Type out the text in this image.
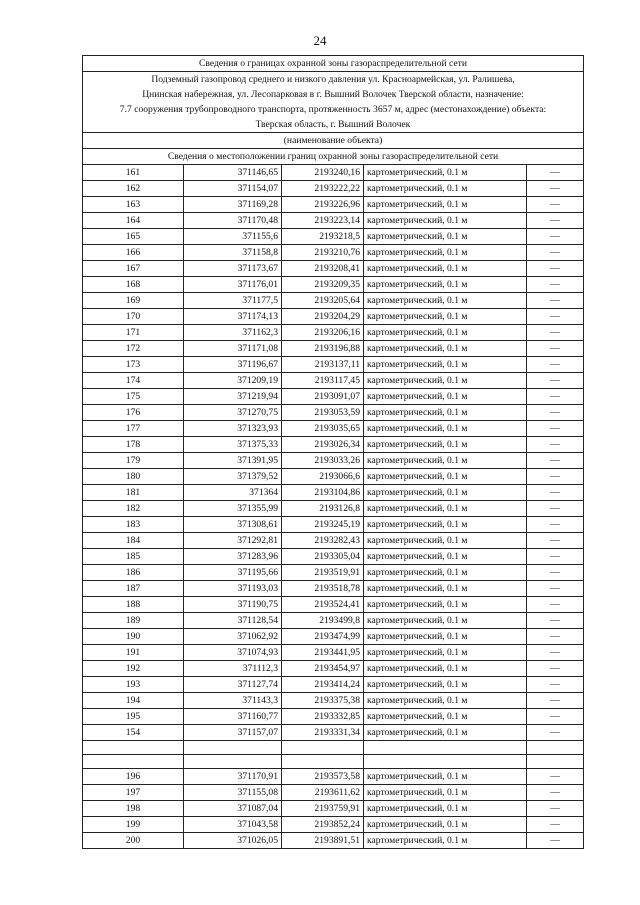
24
Сведения о границах охранной зоны газораспределительной сети				

Подземный газопровод среднего и низкого давления ул. Красноармейская, ул. Ралишева,
Цнинская набережная, ул. Лесопарковая в г. Вышний Волочек Тверской области, назначение:
7.7 сооружения трубопроводного транспорта, протяженность 3657 м, адрес (местонахождение) объекта:
Тверская область, г. Вышний Волочек				

(наименование объекта)				
Сведения о местоположении границ охранной зоны газораспределительной сети				
161	371146,65	2193240,16	картометрический, 0.1 м	—
162	371154,07	2193222,22	картометрический, 0.1 м	—
163	371169,28	2193226,96	картометрический, 0.1 м	—
164	371170,48	2193223,14	картометрический, 0.1 м	—
165	371155,6	2193218,5	картометрический, 0.1 м	—
166	371158,8	2193210,76	картометрический, 0.1 м	—
167	371173,67	2193208,41	картометрический, 0.1 м	—
168	371176,01	2193209,35	картометрический, 0.1 м	—
169	371177,5	2193205,64	картометрический, 0.1 м	—
170	371174,13	2193204,29	картометрический, 0.1 м	—
171	371162,3	2193206,16	картометрический, 0.1 м	—
172	371171,08	2193196,88	картометрический, 0.1 м	—
173	371196,67	2193137,11	картометрический, 0.1 м	—
174	371209,19	2193117,45	картометрический, 0.1 м	—
175	371219,94	2193091,07	картометрический, 0.1 м	—
176	371270,75	2193053,59	картометрический, 0.1 м	—
177	371323,93	2193035,65	картометрический, 0.1 м	—
178	371375,33	2193026,34	картометрический, 0.1 м	—
179	371391,95	2193033,26	картометрический, 0.1 м	—
180	371379,52	2193066,6	картометрический, 0.1 м	—
181	371364	2193104,86	картометрический, 0.1 м	—
182	371355,99	2193126,8	картометрический, 0.1 м	—
183	371308,61	2193245,19	картометрический, 0.1 м	—
184	371292,81	2193282,43	картометрический, 0.1 м	—
185	371283,96	2193305,04	картометрический, 0.1 м	—
186	371195,66	2193519,91	картометрический, 0.1 м	—
187	371193,03	2193518,78	картометрический, 0.1 м	—
188	371190,75	2193524,41	картометрический, 0.1 м	—
189	371128,54	2193499,8	картометрический, 0.1 м	—
190	371062,92	2193474,99	картометрический, 0.1 м	—
191	371074,93	2193441,95	картометрический, 0.1 м	—
192	371112,3	2193454,97	картометрический, 0.1 м	—
193	371127,74	2193414,24	картометрический, 0.1 м	—
194	371143,3	2193375,38	картометрический, 0.1 м	—
195	371160,77	2193332,85	картометрический, 0.1 м	—
154	371157,07	2193331,34	картометрический, 0.1 м	—

196	371170,91	2193573,58	картометрический, 0.1 м	—
197	371155,08	2193611,62	картометрический, 0.1 м	—
198	371087,04	2193759,91	картометрический, 0.1 м	—
199	371043,58	2193852,24	картометрический, 0.1 м	—
200	371026,05	2193891,51	картометрический, 0.1 м	—
